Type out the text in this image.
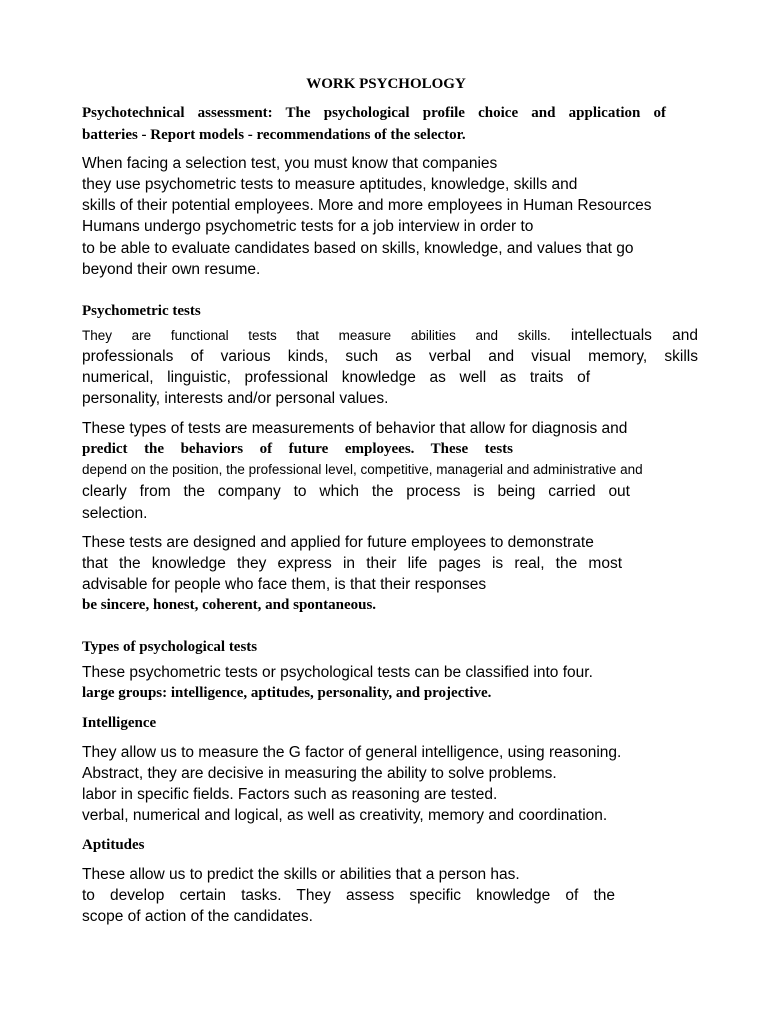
WORK PSYCHOLOGY

Psychotechnical assessment: The psychological profile choice and application of

batteries - Report models - recommendations of the selector.

When facing a selection test, you must know that companies

they use psychometric tests to measure aptitudes, knowledge, skills and

skills of their potential employees. More and more employees in Human Resources

Humans undergo psychometric tests for a job interview in order to

to be able to evaluate candidates based on skills, knowledge, and values that go

beyond their own resume.

Psychometric tests

They are functional tests that measure abilities and skills. intellectuals and

professionals of various kinds, such as verbal and visual memory, skills

numerical, linguistic, professional knowledge as well as traits of

personality, interests and/or personal values.

These types of tests are measurements of behavior that allow for diagnosis and

predict the behaviors of future employees. These tests

depend on the position, the professional level, competitive, managerial and administrative and

clearly from the company to which the process is being carried out

selection.

These tests are designed and applied for future employees to demonstrate

that the knowledge they express in their life pages is real, the most

advisable for people who face them, is that their responses

be sincere, honest, coherent, and spontaneous.

Types of psychological tests

These psychometric tests or psychological tests can be classified into four.

large groups: intelligence, aptitudes, personality, and projective.

Intelligence

They allow us to measure the G factor of general intelligence, using reasoning.

Abstract, they are decisive in measuring the ability to solve problems.

labor in specific fields. Factors such as reasoning are tested.

verbal, numerical and logical, as well as creativity, memory and coordination.

Aptitudes

These allow us to predict the skills or abilities that a person has.

to develop certain tasks. They assess specific knowledge of the

scope of action of the candidates.
